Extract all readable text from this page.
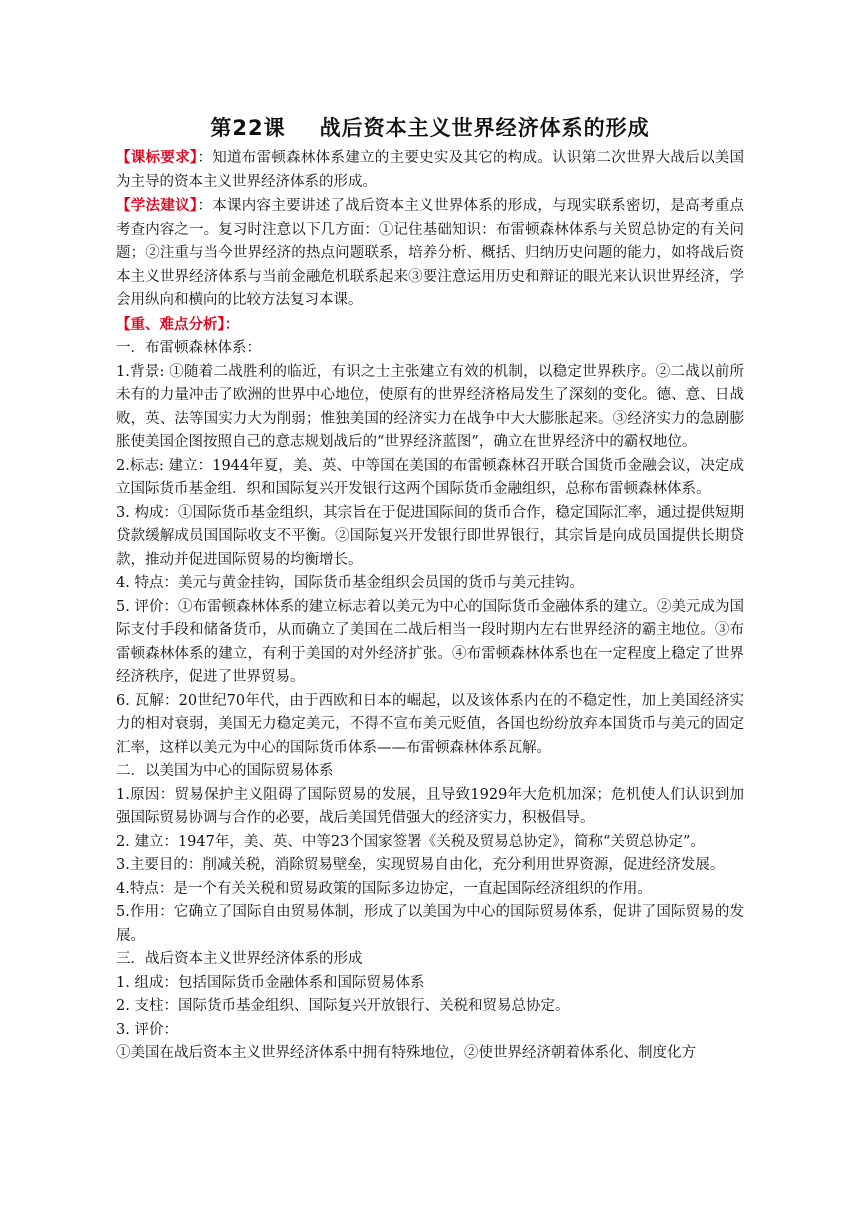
第22课 战后资本主义世界经济体系的形成

【课标要求】：知道布雷顿森林体系建立的主要史实及其它的构成。认识第二次世界大战后以美国为主导的资本主义世界经济体系的形成。

【学法建议】：本课内容主要讲述了战后资本主义世界体系的形成，与现实联系密切，是高考重点考查内容之一。复习时注意以下几方面：①记住基础知识：布雷顿森林体系与关贸总协定的有关问题；②注重与当今世界经济的热点问题联系，培养分析、概括、归纳历史问题的能力，如将战后资本主义世界经济体系与当前金融危机联系起来③要注意运用历史和辩证的眼光来认识世界经济，学会用纵向和横向的比较方法复习本课。

【重、难点分析】：

一．布雷顿森林体系：

1.背景: ①随着二战胜利的临近，有识之士主张建立有效的机制，以稳定世界秩序。②二战以前所未有的力量冲击了欧洲的世界中心地位，使原有的世界经济格局发生了深刻的变化。德、意、日战败，英、法等国实力大为削弱；惟独美国的经济实力在战争中大大膨胀起来。③经济实力的急剧膨胀使美国企图按照自己的意志规划战后的“世界经济蓝图”，确立在世界经济中的霸权地位。

2.标志: 建立：1944年夏，美、英、中等国在美国的布雷顿森林召开联合国货币金融会议，决定成立国际货币基金组．织和国际复兴开发银行这两个国际货币金融组织，总称布雷顿森林体系。

3. 构成：①国际货币基金组织，其宗旨在于促进国际间的货币合作，稳定国际汇率，通过提供短期贷款缓解成员国国际收支不平衡。②国际复兴开发银行即世界银行，其宗旨是向成员国提供长期贷款，推动并促进国际贸易的均衡增长。

4. 特点：美元与黄金挂钩，国际货币基金组织会员国的货币与美元挂钩。

5. 评价：①布雷顿森林体系的建立标志着以美元为中心的国际货币金融体系的建立。②美元成为国际支付手段和储备货币，从而确立了美国在二战后相当一段时期内左右世界经济的霸主地位。③布雷顿森林体系的建立，有利于美国的对外经济扩张。④布雷顿森林体系也在一定程度上稳定了世界经济秩序，促进了世界贸易。

6. 瓦解：20世纪70年代，由于西欧和日本的崛起，以及该体系内在的不稳定性，加上美国经济实力的相对衰弱，美国无力稳定美元，不得不宣布美元贬值，各国也纷纷放弃本国货币与美元的固定汇率，这样以美元为中心的国际货币体系——布雷顿森林体系瓦解。

二．以美国为中心的国际贸易体系

1.原因：贸易保护主义阻碍了国际贸易的发展，且导致1929年大危机加深；危机使人们认识到加强国际贸易协调与合作的必要，战后美国凭借强大的经济实力，积极倡导。

2. 建立：1947年，美、英、中等23个国家签署《关税及贸易总协定》，简称“关贸总协定”。

3.主要目的：削减关税，消除贸易壁垒，实现贸易自由化，充分利用世界资源，促进经济发展。

4.特点：是一个有关关税和贸易政策的国际多边协定，一直起国际经济组织的作用。

5.作用：它确立了国际自由贸易体制，形成了以美国为中心的国际贸易体系，促讲了国际贸易的发展。

三．战后资本主义世界经济体系的形成

1. 组成：包括国际货币金融体系和国际贸易体系

2. 支柱：国际货币基金组织、国际复兴开放银行、关税和贸易总协定。

3. 评价：

①美国在战后资本主义世界经济体系中拥有特殊地位，②使世界经济朝着体系化、制度化方
